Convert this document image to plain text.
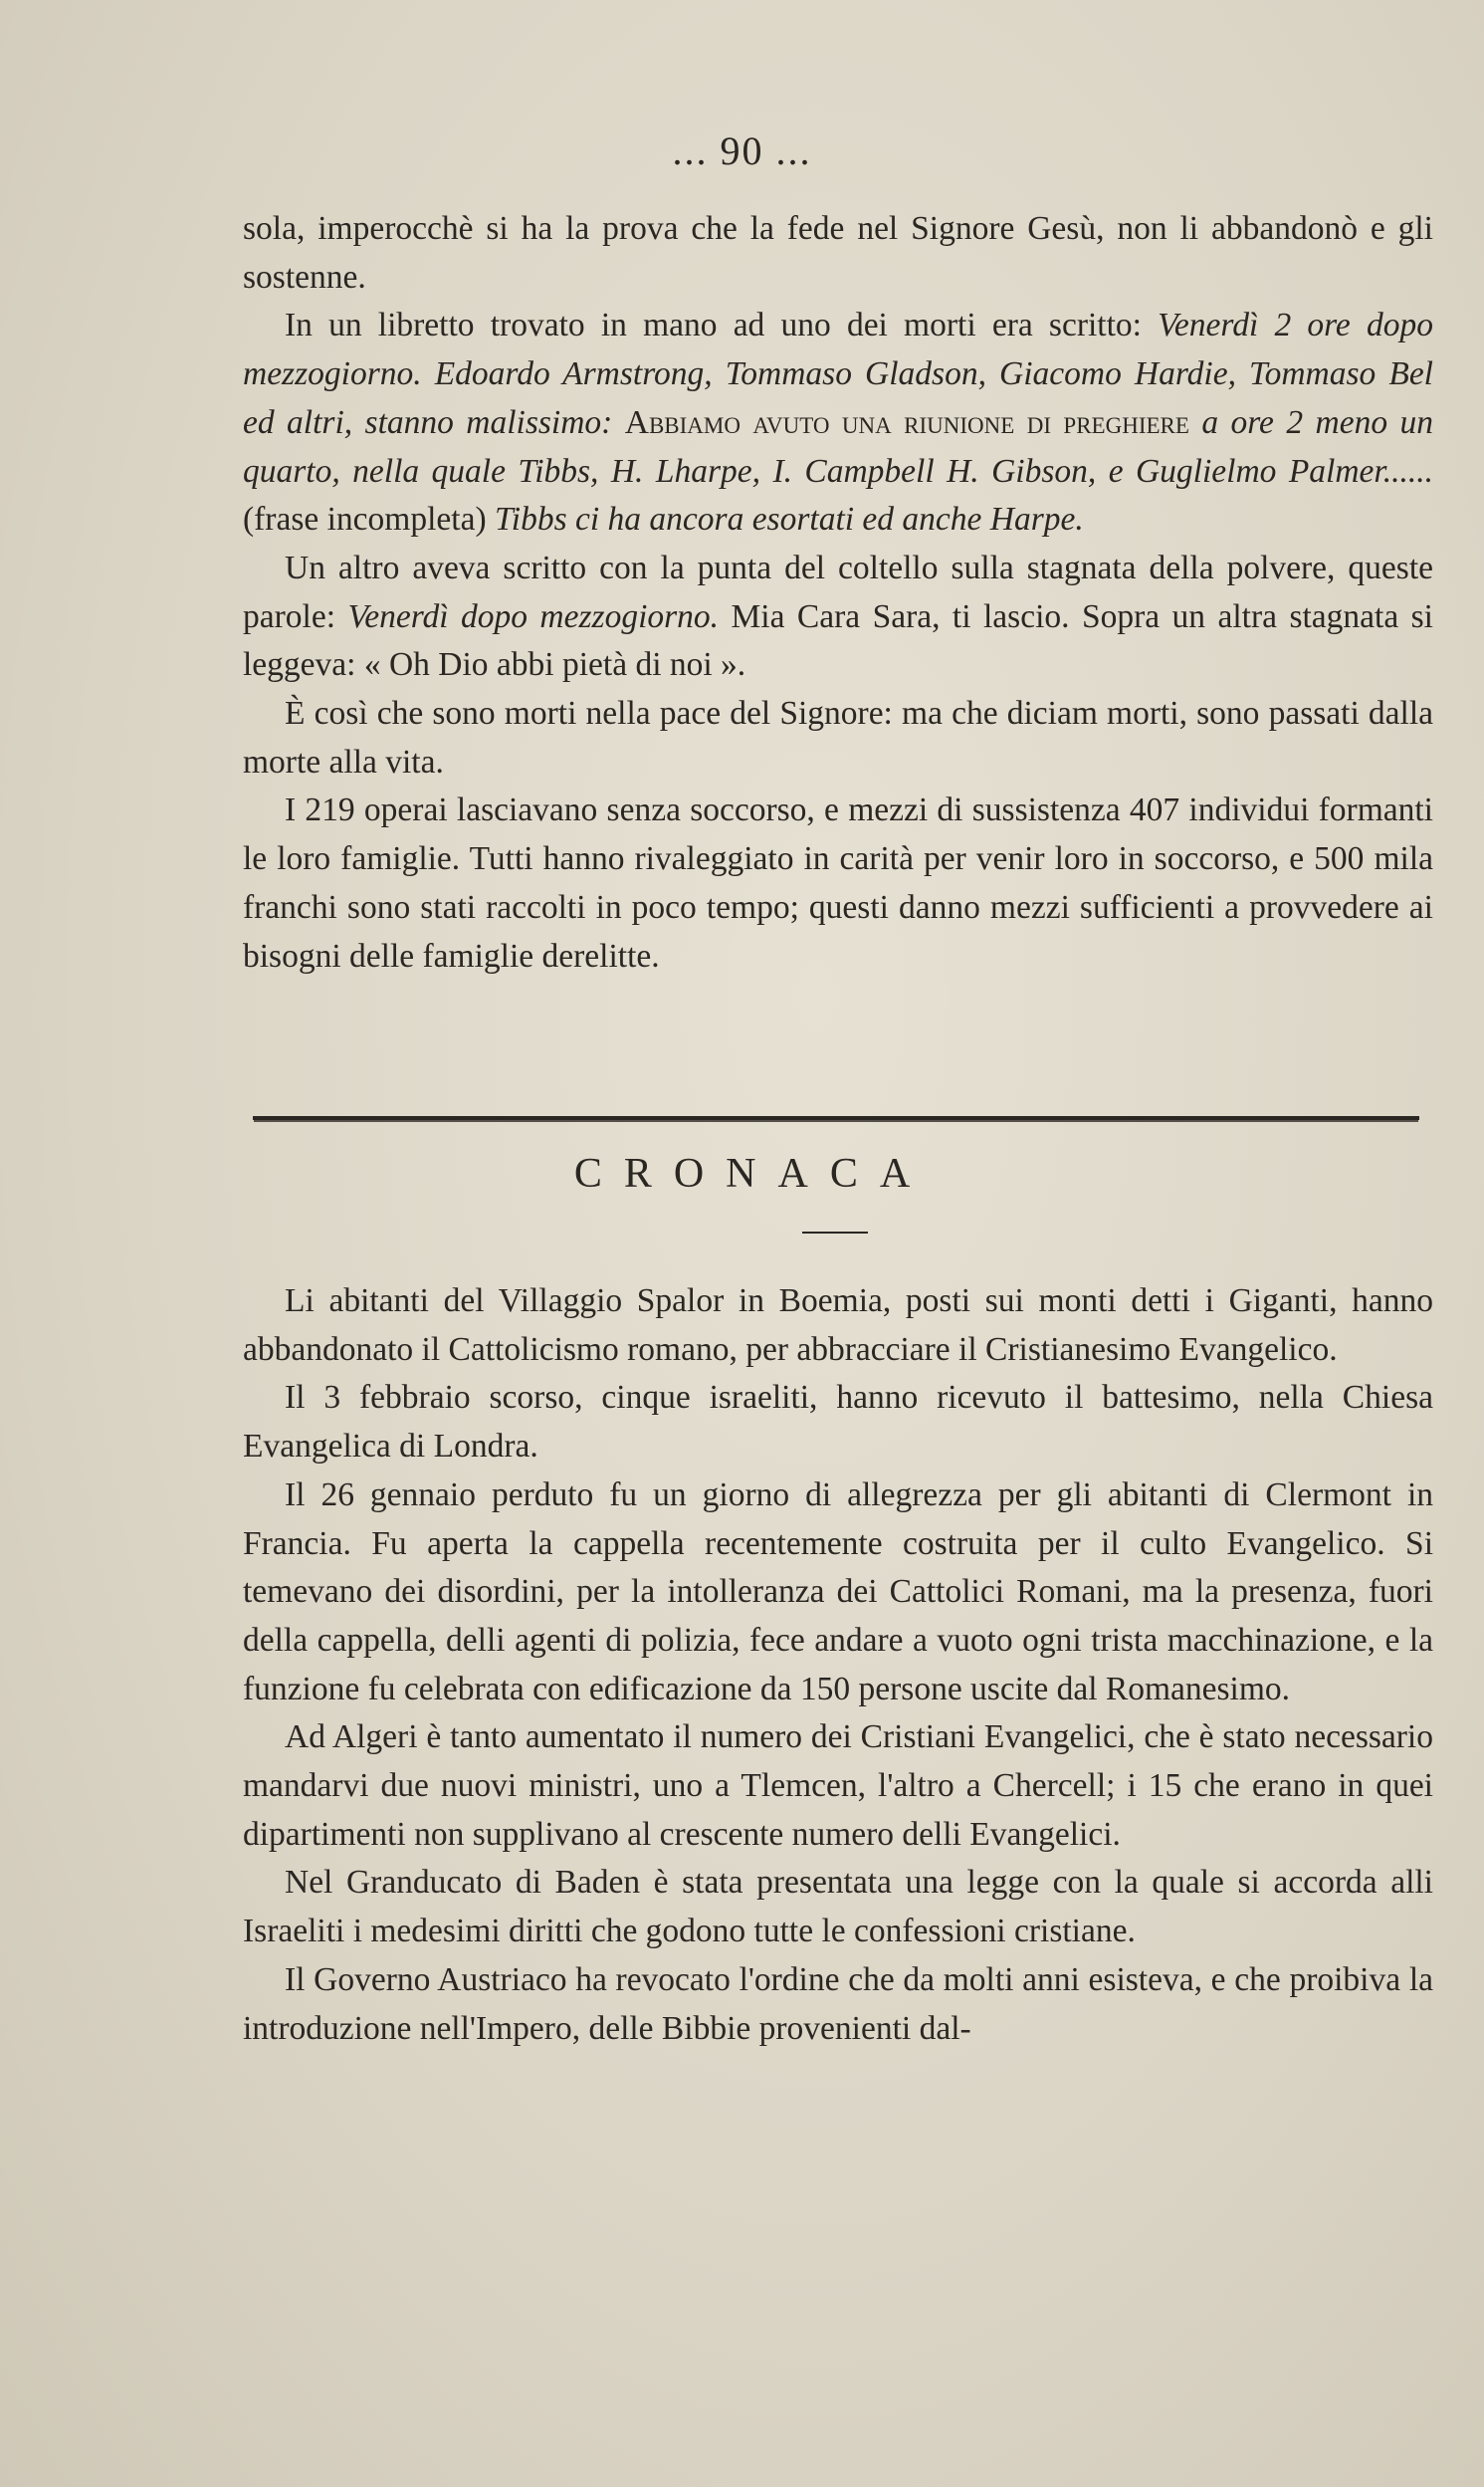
... 90 ...

sola, imperocchè si ha la prova che la fede nel Signore Gesù, non li abbandonò e gli sostenne.

In un libretto trovato in mano ad uno dei morti era scritto: Venerdì 2 ore dopo mezzogiorno. Edoardo Armstrong, Tommaso Gladson, Giacomo Hardie, Tommaso Bel ed altri, stanno malissimo: Abbiamo avuto una riunione di preghiere a ore 2 meno un quarto, nella quale Tibbs, H. Lharpe, I. Campbell H. Gibson, e Guglielmo Palmer...... (frase incompleta) Tibbs ci ha ancora esortati ed anche Harpe.

Un altro aveva scritto con la punta del coltello sulla stagnata della polvere, queste parole: Venerdì dopo mezzogiorno. Mia Cara Sara, ti lascio. Sopra un altra stagnata si leggeva: « Oh Dio abbi pietà di noi ».

È così che sono morti nella pace del Signore: ma che diciam morti, sono passati dalla morte alla vita.

I 219 operai lasciavano senza soccorso, e mezzi di sussistenza 407 individui formanti le loro famiglie. Tutti hanno rivaleggiato in carità per venir loro in soccorso, e 500 mila franchi sono stati raccolti in poco tempo; questi danno mezzi sufficienti a provvedere ai bisogni delle famiglie derelitte.

CRONACA

Li abitanti del Villaggio Spalor in Boemia, posti sui monti detti i Giganti, hanno abbandonato il Cattolicismo romano, per abbracciare il Cristianesimo Evangelico.

Il 3 febbraio scorso, cinque israeliti, hanno ricevuto il battesimo, nella Chiesa Evangelica di Londra.

Il 26 gennaio perduto fu un giorno di allegrezza per gli abitanti di Clermont in Francia. Fu aperta la cappella recentemente costruita per il culto Evangelico. Si temevano dei disordini, per la intolleranza dei Cattolici Romani, ma la presenza, fuori della cappella, delli agenti di polizia, fece andare a vuoto ogni trista macchinazione, e la funzione fu celebrata con edificazione da 150 persone uscite dal Romanesimo.

Ad Algeri è tanto aumentato il numero dei Cristiani Evangelici, che è stato necessario mandarvi due nuovi ministri, uno a Tlemcen, l'altro a Chercell; i 15 che erano in quei dipartimenti non supplivano al crescente numero delli Evangelici.

Nel Granducato di Baden è stata presentata una legge con la quale si accorda alli Israeliti i medesimi diritti che godono tutte le confessioni cristiane.

Il Governo Austriaco ha revocato l'ordine che da molti anni esisteva, e che proibiva la introduzione nell'Impero, delle Bibbie provenienti dal-
